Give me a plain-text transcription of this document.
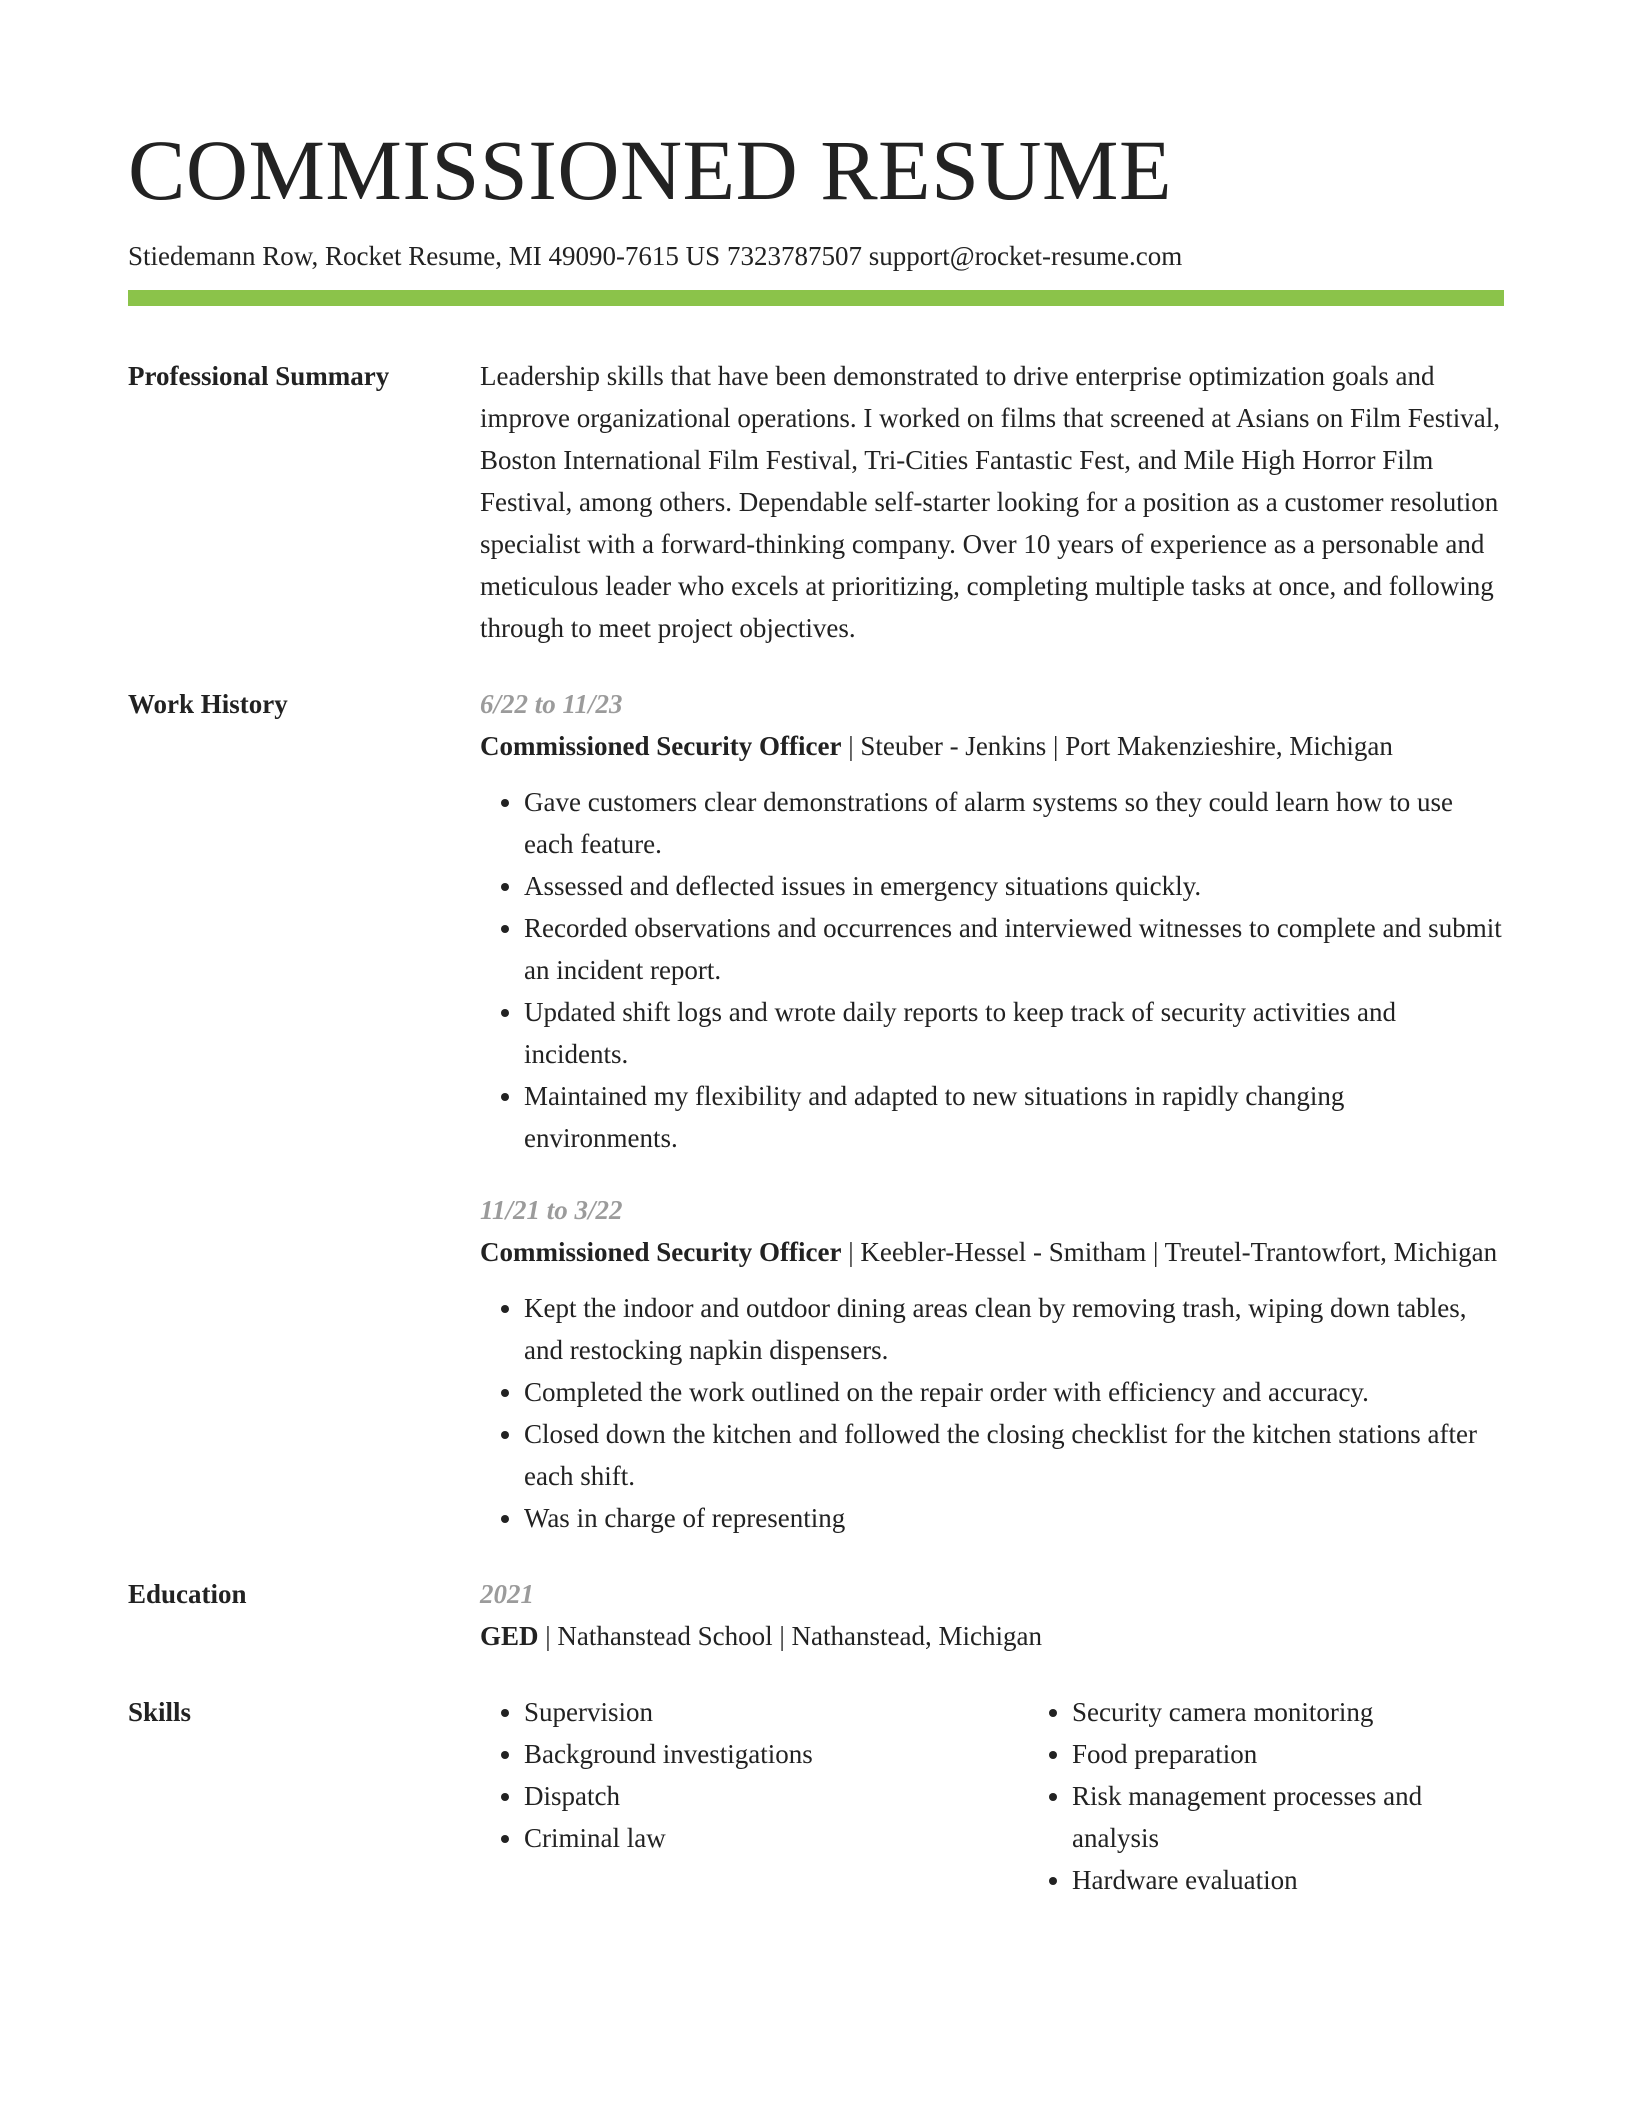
COMMISSIONED RESUME
Stiedemann Row, Rocket Resume, MI 49090-7615 US 7323787507 support@rocket-resume.com
Professional Summary	Leadership skills that have been demonstrated to drive enterprise optimization goals and improve organizational operations. I worked on films that screened at Asians on Film Festival, Boston International Film Festival, Tri-Cities Fantastic Fest, and Mile High Horror Film Festival, among others. Dependable self-starter looking for a position as a customer resolution specialist with a forward-thinking company. Over 10 years of experience as a personable and meticulous leader who excels at prioritizing, completing multiple tasks at once, and following through to meet project objectives.

Work History	6/22 to 11/23
Commissioned Security Officer | Steuber - Jenkins | Port Makenzieshire, Michigan
• Gave customers clear demonstrations of alarm systems so they could learn how to use each feature.
• Assessed and deflected issues in emergency situations quickly.
• Recorded observations and occurrences and interviewed witnesses to complete and submit an incident report.
• Updated shift logs and wrote daily reports to keep track of security activities and incidents.
• Maintained my flexibility and adapted to new situations in rapidly changing environments.
11/21 to 3/22
Commissioned Security Officer | Keebler-Hessel - Smitham | Treutel-Trantowfort, Michigan
• Kept the indoor and outdoor dining areas clean by removing trash, wiping down tables, and restocking napkin dispensers.
• Completed the work outlined on the repair order with efficiency and accuracy.
• Closed down the kitchen and followed the closing checklist for the kitchen stations after each shift.
• Was in charge of representing
Education	2021
GED | Nathanstead School | Nathanstead, Michigan
Skills
•	Supervision
• Background investigations
• Dispatch
• Criminal law
• Security camera monitoring
• Food preparation
• Risk management processes and analysis
• Hardware evaluation
